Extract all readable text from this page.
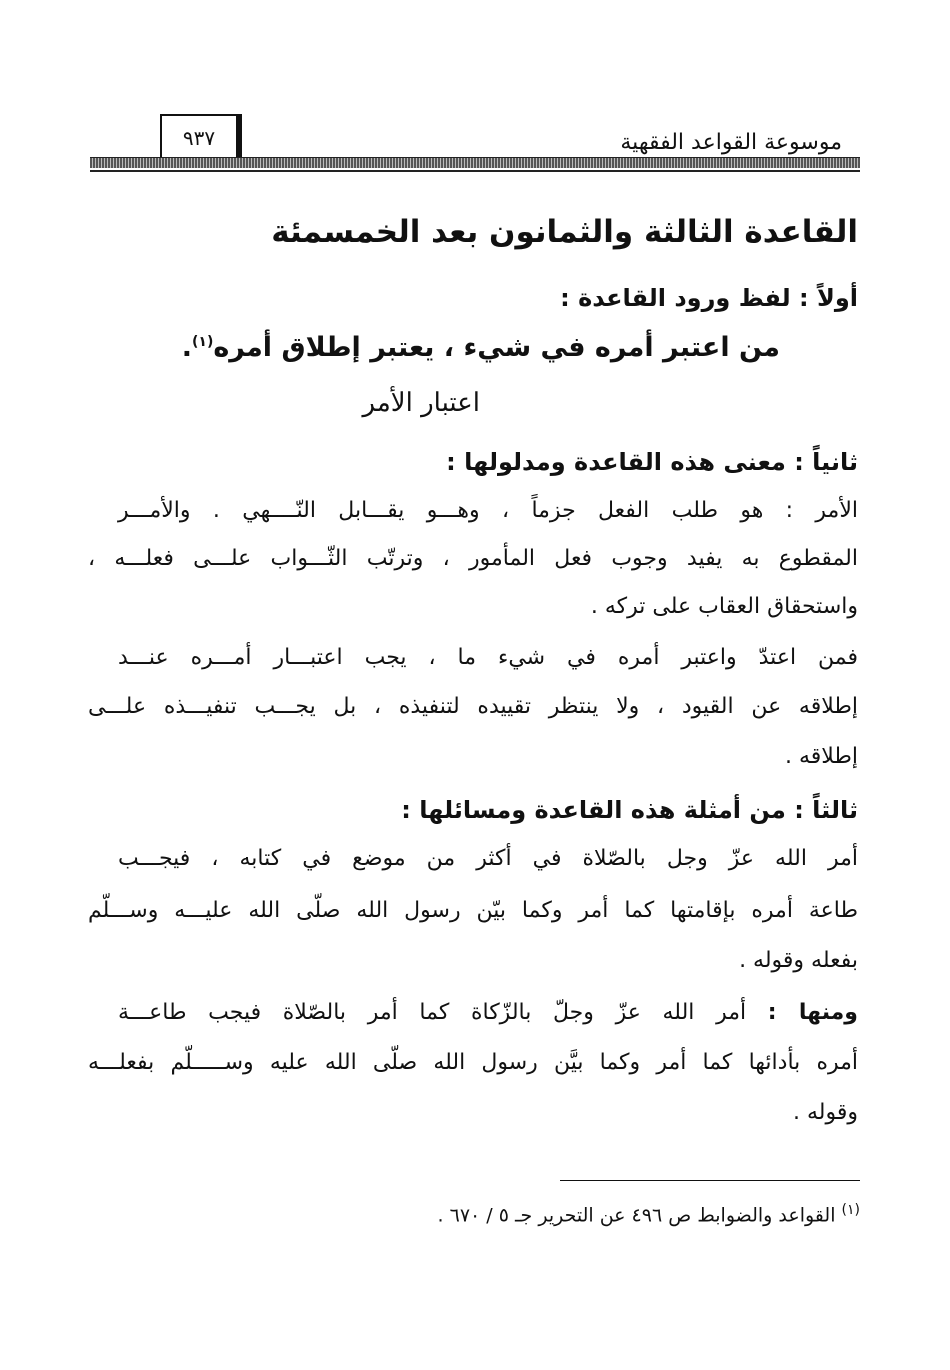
موسوعة القواعد الفقهية
٩٣٧
القاعدة الثالثة والثمانون بعد الخمسمئة
أولاً : لفظ ورود القاعدة :
من اعتبر أمره في شيء ، يعتبر إطلاق أمره$^{(١)}$.
اعتبار الأمر
ثانياً : معنى هذه القاعدة ومدلولها :
الأمر : هو طلب الفعل جزماً ، وهـــو يقـــابل النّــــهي . والأمـــر
المقطوع به يفيد وجوب فعل المأمور ، وترتّب الثّـــواب علـــى فعلـــه ،
واستحقاق العقاب على تركه .
فمن اعتدّ واعتبر أمره في شيء ما ، يجب اعتبـــار أمـــره عنـــد
إطلاقه عن القيود ، ولا ينتظر تقييده لتنفيذه ، بل يجـــب تنفيـــذه علـــى
إطلاقه .
ثالثاً : من أمثلة هذه القاعدة ومسائلها :
أمر الله عزّ وجل بالصّلاة في أكثر من موضع في كتابه ، فيجـــب
طاعة أمره بإقامتها كما أمر وكما بيّن رسول الله صلّى الله عليـــه وســـلّم
بفعله وقوله .
ومنها : أمر الله عزّ وجلّ بالزّكاة كما أمر بالصّلاة فيجب طاعـــة
أمره بأدائها كما أمر وكما بيَّن رسول الله صلّى الله عليه وســـــلّم بفعلـــه
وقوله .
$^{(١)}$ القواعد والضوابط ص ٤٩٦ عن التحرير جـ ٥ / ٦٧٠ .
